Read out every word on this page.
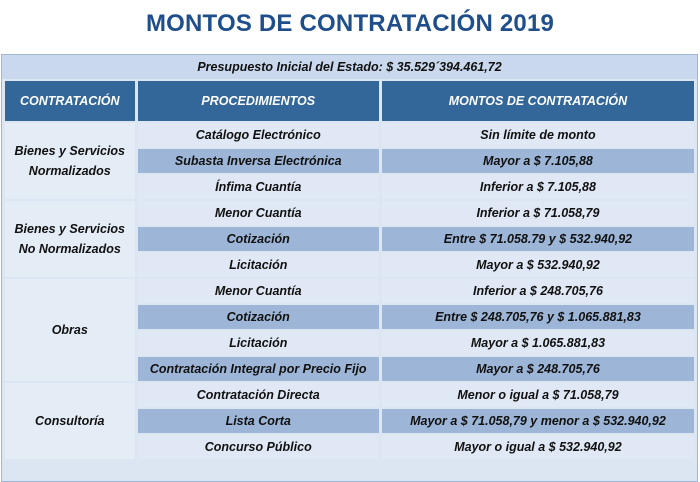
MONTOS DE CONTRATACIÓN 2019
Presupuesto Inicial del Estado: $ 35.529´394.461,72
CONTRATACIÓN	PROCEDIMIENTOS	MONTOS DE CONTRATACIÓN

Bienes y Servicios
Normalizados	Catálogo Electrónico	Sin límite de monto
	Subasta Inversa Electrónica	Mayor a $ 7.105,88
	Ínfima Cuantía	Inferior a $ 7.105,88

Bienes y Servicios
No Normalizados	Menor Cuantía	Inferior a $ 71.058,79
	Cotización	Entre $ 71.058.79 y $ 532.940,92
	Licitación	Mayor a $ 532.940,92

Obras	Menor Cuantía	Inferior a $ 248.705,76
	Cotización	Entre $ 248.705,76 y $ 1.065.881,83
	Licitación	Mayor a $ 1.065.881,83
	Contratación Integral por Precio Fijo	Mayor a $ 248.705,76

Consultoría	Contratación Directa	Menor o igual a $ 71.058,79
	Lista Corta	Mayor a $ 71.058,79 y menor a $ 532.940,92
	Concurso Público	Mayor o igual a $ 532.940,92
